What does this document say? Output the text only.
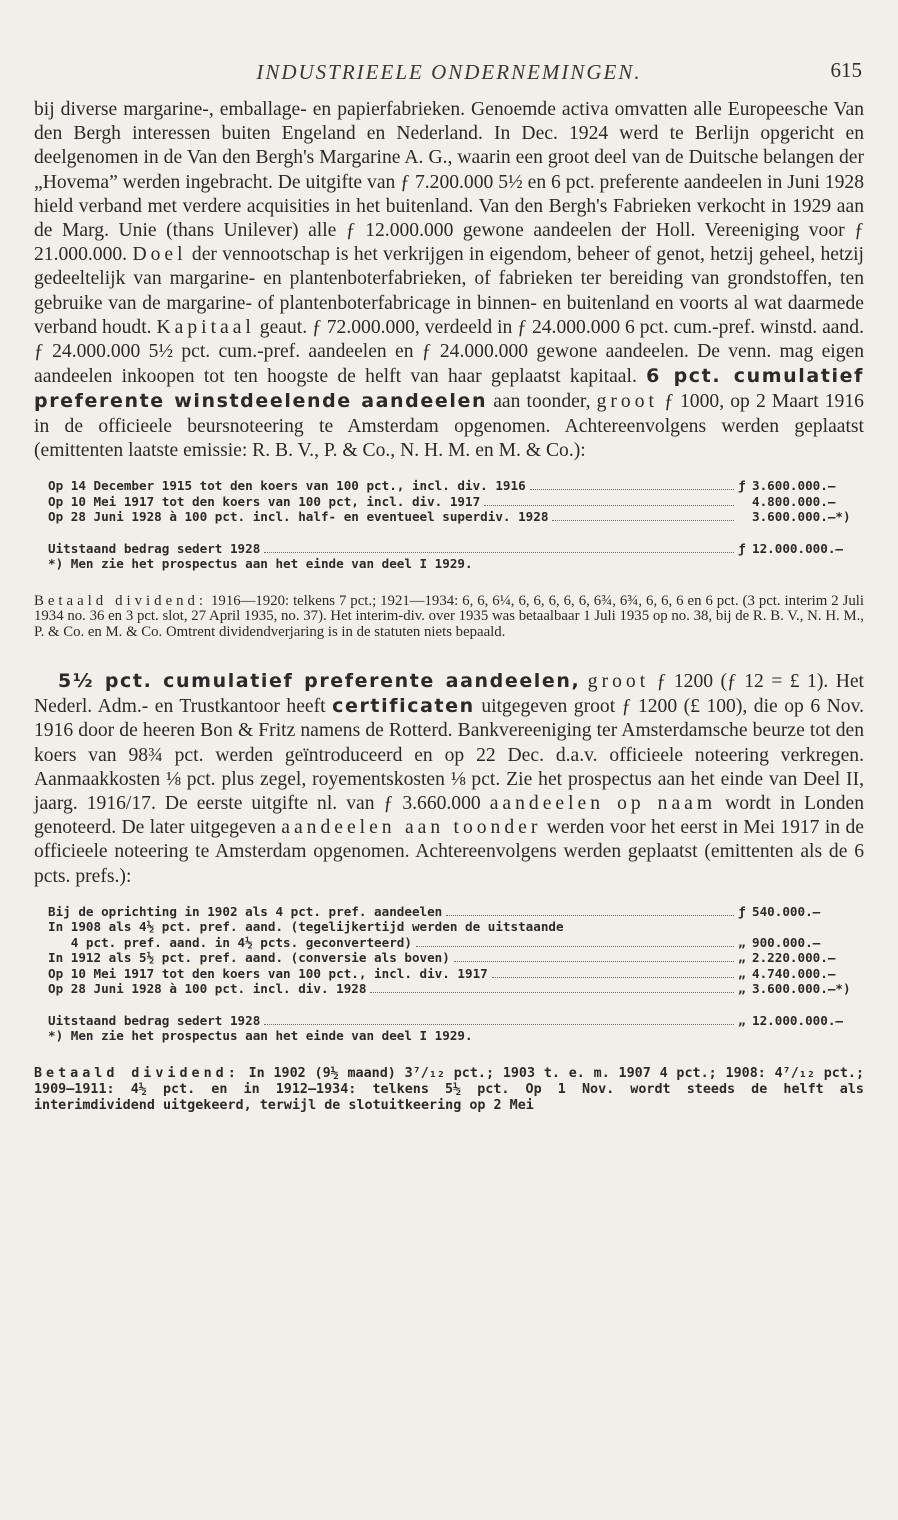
INDUSTRIEELE ONDERNEMINGEN.	615

bij diverse margarine-, emballage- en papierfabrieken. Genoemde activa omvatten alle Europeesche Van den Bergh interessen buiten Engeland en Nederland. In Dec. 1924 werd te Berlijn opgericht en deelgenomen in de Van den Bergh's Margarine A. G., waarin een groot deel van de Duitsche belangen der „Hovema” werden ingebracht. De uitgifte van ƒ 7.200.000 5½ en 6 pct. preferente aandeelen in Juni 1928 hield verband met verdere acquisities in het buitenland. Van den Bergh's Fabrieken verkocht in 1929 aan de Marg. Unie (thans Unilever) alle ƒ 12.000.000 gewone aandeelen der Holl. Vereeniging voor ƒ 21.000.000. Doel der vennootschap is het verkrijgen in eigendom, beheer of genot, hetzij geheel, hetzij gedeeltelijk van margarine- en plantenboterfabrieken, of fabrieken ter bereiding van grondstoffen, ten gebruike van de margarine- of plantenboterfabricage in binnen- en buitenland en voorts al wat daarmede verband houdt. Kapitaal geaut. ƒ 72.000.000, verdeeld in ƒ 24.000.000 6 pct. cum.-pref. winstd. aand. ƒ 24.000.000 5½ pct. cum.-pref. aandeelen en ƒ 24.000.000 gewone aandeelen. De venn. mag eigen aandeelen inkoopen tot ten hoogste de helft van haar geplaatst kapitaal. 6 pct. cumulatief preferente winstdeelende aandeelen aan toonder, groot ƒ 1000, op 2 Maart 1916 in de officieele beursnoteering te Amsterdam opgenomen. Achtereenvolgens werden geplaatst (emittenten laatste emissie: R. B. V., P. & Co., N. H. M. en M. & Co.):

Op 14 December 1915 tot den koers van 100 pct., incl. div. 1916	ƒ 3.600.000.—
Op 10 Mei 1917 tot den koers van 100 pct, incl. div. 1917	4.800.000.—
Op 28 Juni 1928 à 100 pct. incl. half- en eventueel superdiv. 1928	3.600.000.—*)
Uitstaand bedrag sedert 1928	ƒ 12.000.000.—
*) Men zie het prospectus aan het einde van deel I 1929.

Betaald dividend: 1916—1920: telkens 7 pct.; 1921—1934: 6, 6, 6¼, 6, 6, 6, 6, 6, 6¾, 6¾, 6, 6, 6 en 6 pct. (3 pct. interim 2 Juli 1934 no. 36 en 3 pct. slot, 27 April 1935, no. 37). Het interim-div. over 1935 was betaalbaar 1 Juli 1935 op no. 38, bij de R. B. V., N. H. M., P. & Co. en M. & Co. Omtrent dividendverjaring is in de statuten niets bepaald.

5½ pct. cumulatief preferente aandeelen, groot ƒ 1200 (ƒ 12 = £ 1). Het Nederl. Adm.- en Trustkantoor heeft certificaten uitgegeven groot ƒ 1200 (£ 100), die op 6 Nov. 1916 door de heeren Bon & Fritz namens de Rotterd. Bankvereeniging ter Amsterdamsche beurze tot den koers van 98¾ pct. werden geïntroduceerd en op 22 Dec. d.a.v. officieele noteering verkregen. Aanmaakkosten ⅛ pct. plus zegel, royementskosten ⅛ pct. Zie het prospectus aan het einde van Deel II, jaarg. 1916/17. De eerste uitgifte nl. van ƒ 3.660.000 aandeelen op naam wordt in Londen genoteerd. De later uitgegeven aandeelen aan toonder werden voor het eerst in Mei 1917 in de officieele noteering te Amsterdam opgenomen. Achtereenvolgens werden geplaatst (emittenten als de 6 pcts. prefs.):

Bij de oprichting in 1902 als 4 pct. pref. aandeelen	ƒ 540.000.—
In 1908 als 4½ pct. pref. aand. (tegelijkertijd werden de uitstaande
4 pct. pref. aand. in 4½ pcts. geconverteerd)	„ 900.000.—
In 1912 als 5½ pct. pref. aand. (conversie als boven)	„ 2.220.000.—
Op 10 Mei 1917 tot den koers van 100 pct., incl. div. 1917	„ 4.740.000.—
Op 28 Juni 1928 à 100 pct. incl. div. 1928	„ 3.600.000.—*)
Uitstaand bedrag sedert 1928	„ 12.000.000.—
*) Men zie het prospectus aan het einde van deel I 1929.

Betaald dividend: In 1902 (9½ maand) 3⁷/₁₂ pct.; 1903 t. e. m. 1907 4 pct.; 1908: 4⁷/₁₂ pct.; 1909—1911: 4½ pct. en in 1912—1934: telkens 5½ pct. Op 1 Nov. wordt steeds de helft als interimdividend uitgekeerd, terwijl de slotuitkeering op 2 Mei
